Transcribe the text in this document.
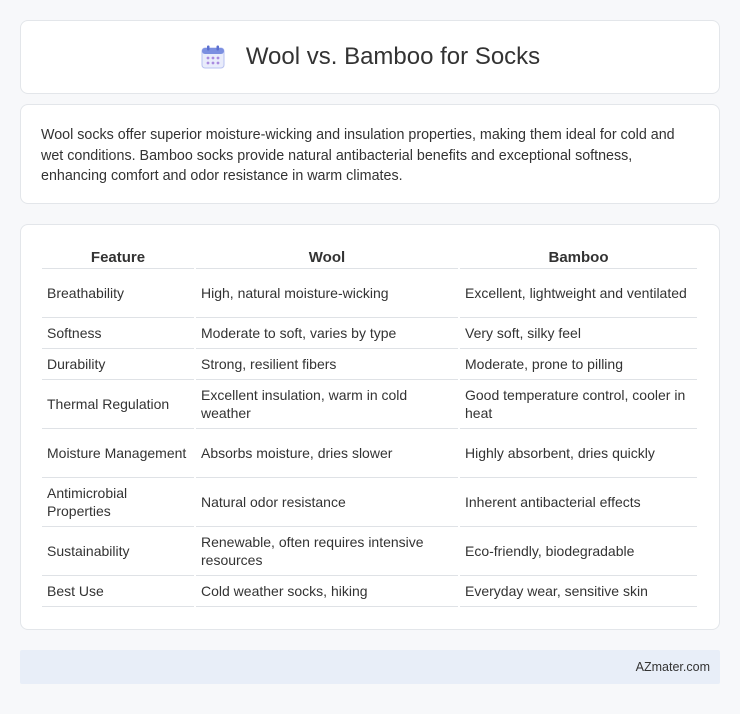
Wool vs. Bamboo for Socks

Wool socks offer superior moisture-wicking and insulation properties, making them ideal for cold and wet conditions. Bamboo socks provide natural antibacterial benefits and exceptional softness, enhancing comfort and odor resistance in warm climates.

Feature	Wool	Bamboo
Breathability	High, natural moisture-wicking	Excellent, lightweight and ventilated
Softness	Moderate to soft, varies by type	Very soft, silky feel
Durability	Strong, resilient fibers	Moderate, prone to pilling
Thermal Regulation	Excellent insulation, warm in cold weather	Good temperature control, cooler in heat
Moisture Management	Absorbs moisture, dries slower	Highly absorbent, dries quickly
Antimicrobial Properties	Natural odor resistance	Inherent antibacterial effects
Sustainability	Renewable, often requires intensive resources	Eco-friendly, biodegradable
Best Use	Cold weather socks, hiking	Everyday wear, sensitive skin
AZmater.com
